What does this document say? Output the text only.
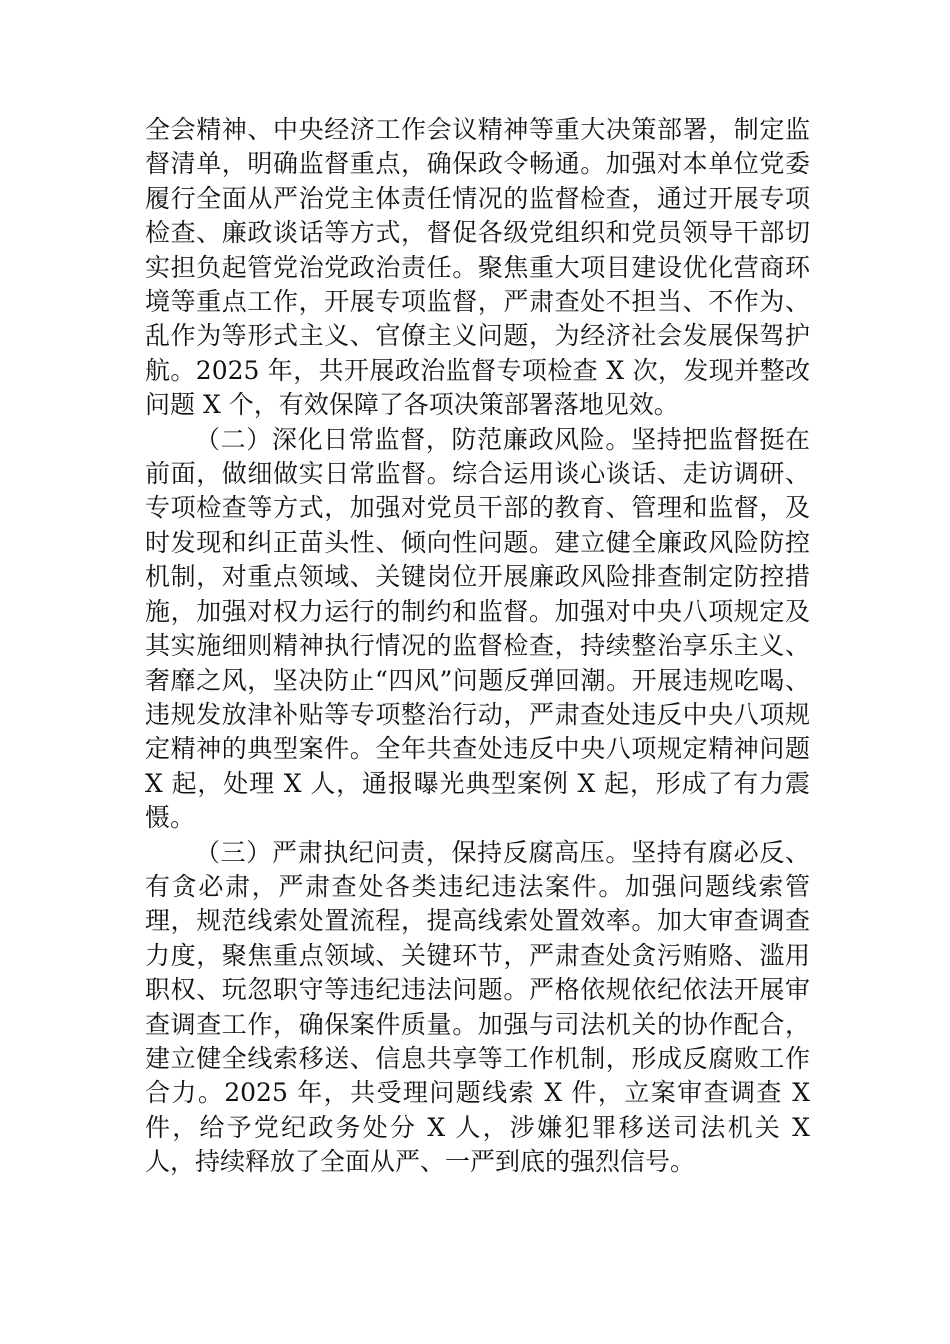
全会精神、中央经济工作会议精神等重大决策部署，制定监督清单，明确监督重点，确保政令畅通。加强对本单位党委履行全面从严治党主体责任情况的监督检查，通过开展专项检查、廉政谈话等方式，督促各级党组织和党员领导干部切实担负起管党治党政治责任。聚焦重大项目建设优化营商环境等重点工作，开展专项监督，严肃查处不担当、不作为、乱作为等形式主义、官僚主义问题，为经济社会发展保驾护航。2025 年，共开展政治监督专项检查 X 次，发现并整改问题 X 个，有效保障了各项决策部署落地见效。

（二）深化日常监督，防范廉政风险。坚持把监督挺在前面，做细做实日常监督。综合运用谈心谈话、走访调研、专项检查等方式，加强对党员干部的教育、管理和监督，及时发现和纠正苗头性、倾向性问题。建立健全廉政风险防控机制，对重点领域、关键岗位开展廉政风险排查制定防控措施，加强对权力运行的制约和监督。加强对中央八项规定及其实施细则精神执行情况的监督检查，持续整治享乐主义、奢靡之风，坚决防止“四风”问题反弹回潮。开展违规吃喝、违规发放津补贴等专项整治行动，严肃查处违反中央八项规定精神的典型案件。全年共查处违反中央八项规定精神问题 X 起，处理 X 人，通报曝光典型案例 X 起，形成了有力震慑。

（三）严肃执纪问责，保持反腐高压。坚持有腐必反、有贪必肃，严肃查处各类违纪违法案件。加强问题线索管理，规范线索处置流程，提高线索处置效率。加大审查调查力度，聚焦重点领域、关键环节，严肃查处贪污贿赂、滥用职权、玩忽职守等违纪违法问题。严格依规依纪依法开展审查调查工作，确保案件质量。加强与司法机关的协作配合，建立健全线索移送、信息共享等工作机制，形成反腐败工作合力。2025 年，共受理问题线索 X 件，立案审查调查 X 件，给予党纪政务处分 X 人，涉嫌犯罪移送司法机关 X 人，持续释放了全面从严、一严到底的强烈信号。
